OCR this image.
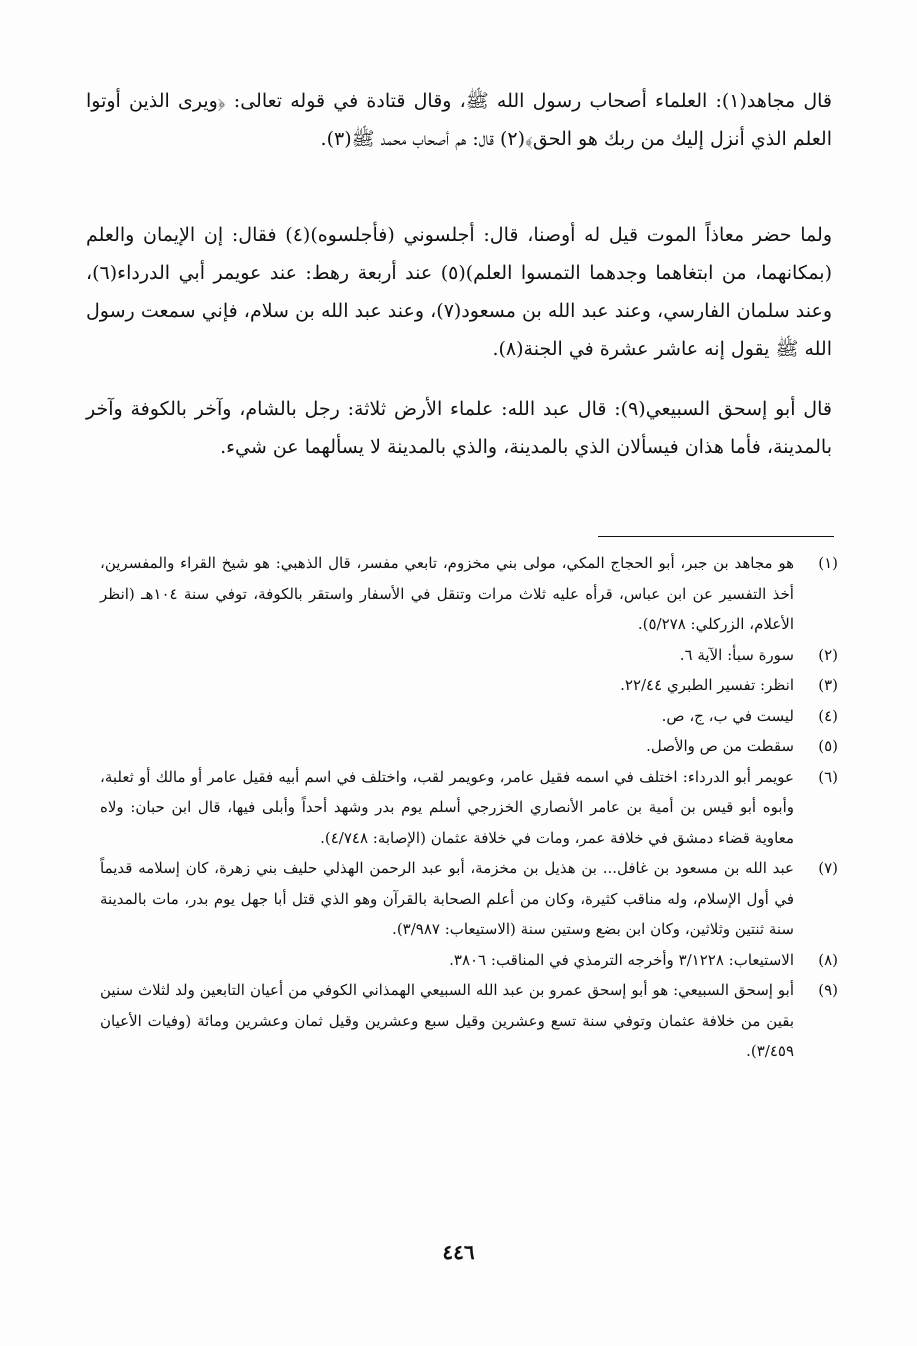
قال مجاهد(١): العلماء أصحاب رسول الله ﷺ، وقال قتادة في قوله تعالى: ﴿ويرى الذين أوتوا العلم الذي أنزل إليك من ربك هو الحق﴾(٢) قال: هم أصحاب محمد ﷺ(٣).

ولما حضر معاذاً الموت قيل له أوصنا، قال: أجلسوني (فأجلسوه)(٤) فقال: إن الإيمان والعلم (بمكانهما، من ابتغاهما وجدهما التمسوا العلم)(٥) عند أربعة رهط: عند عويمر أبي الدرداء(٦)، وعند سلمان الفارسي، وعند عبد الله بن مسعود(٧)، وعند عبد الله بن سلام، فإني سمعت رسول الله ﷺ يقول إنه عاشر عشرة في الجنة(٨).

قال أبو إسحق السبيعي(٩): قال عبد الله: علماء الأرض ثلاثة: رجل بالشام، وآخر بالكوفة وآخر بالمدينة، فأما هذان فيسألان الذي بالمدينة، والذي بالمدينة لا يسألهما عن شيء.

(١)
هو مجاهد بن جبر، أبو الحجاج المكي، مولى بني مخزوم، تابعي مفسر، قال الذهبي: هو شيخ القراء والمفسرين، أخذ التفسير عن ابن عباس، قرأه عليه ثلاث مرات وتنقل في الأسفار واستقر بالكوفة، توفي سنة ١٠٤هـ (انظر الأعلام، الزركلي: ٥/٢٧٨).
(٢)
سورة سبأ: الآية ٦.
(٣)
انظر: تفسير الطبري ٢٢/٤٤.
(٤)
ليست في ب، ج، ص.
(٥)
سقطت من ص والأصل.
(٦)
عويمر أبو الدرداء: اختلف في اسمه فقيل عامر، وعويمر لقب، واختلف في اسم أبيه فقيل عامر أو مالك أو ثعلبة، وأبوه أبو قيس بن أمية بن عامر الأنصاري الخزرجي أسلم يوم بدر وشهد أحداً وأبلى فيها، قال ابن حبان: ولاه معاوية قضاء دمشق في خلافة عمر، ومات في خلافة عثمان (الإصابة: ٤/٧٤٨).
(٧)
عبد الله بن مسعود بن غافل... بن هذيل بن مخزمة، أبو عبد الرحمن الهذلي حليف بني زهرة، كان إسلامه قديماً في أول الإسلام، وله مناقب كثيرة، وكان من أعلم الصحابة بالقرآن وهو الذي قتل أبا جهل يوم بدر، مات بالمدينة سنة ثنتين وثلاثين، وكان ابن بضع وستين سنة (الاستيعاب: ٣/٩٨٧).
(٨)
الاستيعاب: ٣/١٢٢٨ وأخرجه الترمذي في المناقب: ٣٨٠٦.
(٩)
أبو إسحق السبيعي: هو أبو إسحق عمرو بن عبد الله السبيعي الهمذاني الكوفي من أعيان التابعين ولد لثلاث سنين بقين من خلافة عثمان وتوفي سنة تسع وعشرين وقيل سبع وعشرين وقيل ثمان وعشرين ومائة (وفيات الأعيان ٣/٤٥٩).
٤٤٦
